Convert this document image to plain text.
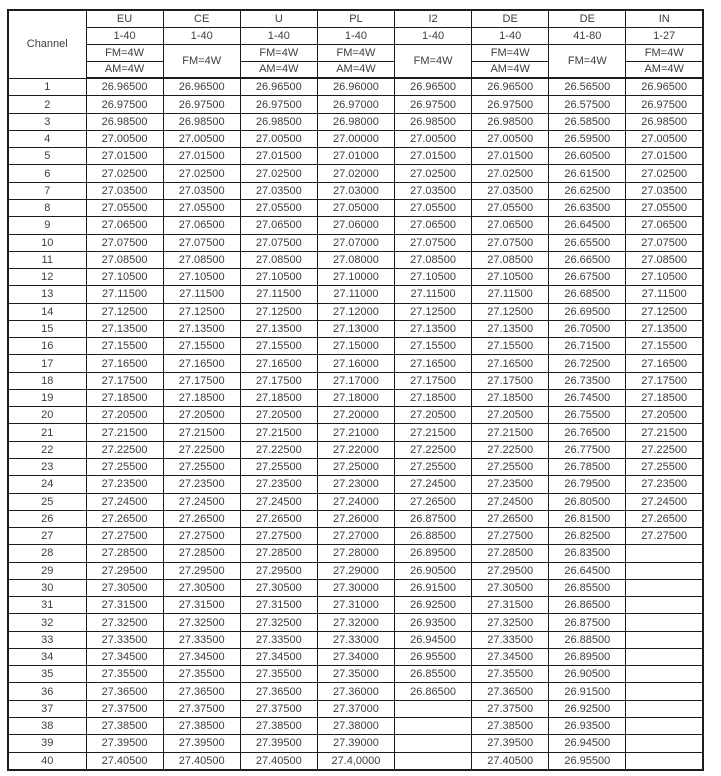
Channel	EU	CE	U	PL	I2	DE	DE	IN
	1-40	1-40	1-40	1-40	1-40	1-40	41-80	1-27
	FM=4W	FM=4W	FM=4W	FM=4W	FM=4W	FM=4W	FM=4W	FM=4W
	AM=4W		AM=4W	AM=4W		AM=4W		AM=4W
1	26.96500	26.96500	26.96500	26.96000	26.96500	26.96500	26.56500	26.96500
2	26.97500	26.97500	26.97500	26.97000	26.97500	26.97500	26.57500	26.97500
3	26.98500	26.98500	26.98500	26.98000	26.98500	26.98500	26.58500	26.98500
4	27.00500	27.00500	27.00500	27.00000	27.00500	27.00500	26.59500	27.00500
5	27.01500	27.01500	27.01500	27.01000	27.01500	27.01500	26.60500	27.01500
6	27.02500	27.02500	27.02500	27.02000	27.02500	27.02500	26.61500	27.02500
7	27.03500	27.03500	27.03500	27.03000	27.03500	27.03500	26.62500	27.03500
8	27.05500	27.05500	27.05500	27.05000	27.05500	27.05500	26.63500	27.05500
9	27.06500	27.06500	27.06500	27.06000	27.06500	27.06500	26.64500	27.06500
10	27.07500	27.07500	27.07500	27.07000	27.07500	27.07500	26.65500	27.07500
11	27.08500	27.08500	27.08500	27.08000	27.08500	27.08500	26.66500	27.08500
12	27.10500	27.10500	27.10500	27.10000	27.10500	27.10500	26.67500	27.10500
13	27.11500	27.11500	27.11500	27.11000	27.11500	27.11500	26.68500	27.11500
14	27.12500	27.12500	27.12500	27.12000	27.12500	27.12500	26.69500	27.12500
15	27.13500	27.13500	27.13500	27.13000	27.13500	27.13500	26.70500	27.13500
16	27.15500	27.15500	27.15500	27.15000	27.15500	27.15500	26.71500	27.15500
17	27.16500	27.16500	27.16500	27.16000	27.16500	27.16500	26.72500	27.16500
18	27.17500	27.17500	27.17500	27.17000	27.17500	27.17500	26.73500	27.17500
19	27.18500	27.18500	27.18500	27.18000	27.18500	27.18500	26.74500	27.18500
20	27.20500	27.20500	27.20500	27.20000	27.20500	27.20500	26.75500	27.20500
21	27.21500	27.21500	27.21500	27.21000	27.21500	27.21500	26.76500	27.21500
22	27.22500	27.22500	27.22500	27.22000	27.22500	27.22500	26.77500	27.22500
23	27.25500	27.25500	27.25500	27.25000	27.25500	27.25500	26.78500	27.25500
24	27.23500	27.23500	27.23500	27.23000	27.24500	27.23500	26.79500	27.23500
25	27.24500	27.24500	27.24500	27.24000	27.26500	27.24500	26.80500	27.24500
26	27.26500	27.26500	27.26500	27.26000	26.87500	27.26500	26.81500	27.26500
27	27.27500	27.27500	27.27500	27.27000	26.88500	27.27500	26.82500	27.27500
28	27.28500	27.28500	27.28500	27.28000	26.89500	27.28500	26.83500	
29	27.29500	27.29500	27.29500	27.29000	26.90500	27.29500	26.64500	
30	27.30500	27.30500	27.30500	27.30000	26.91500	27.30500	26.85500	
31	27.31500	27.31500	27.31500	27.31000	26.92500	27.31500	26.86500	
32	27.32500	27.32500	27.32500	27.32000	26.93500	27.32500	26.87500	
33	27.33500	27.33500	27.33500	27.33000	26.94500	27.33500	26.88500	
34	27.34500	27.34500	27.34500	27.34000	26.95500	27.34500	26.89500	
35	27.35500	27.35500	27.35500	27.35000	26.85500	27.35500	26.90500	
36	27.36500	27.36500	27.36500	27.36000	26.86500	27.36500	26.91500	
37	27.37500	27.37500	27.37500	27.37000		27.37500	26.92500	
38	27.38500	27.38500	27.38500	27.38000		27.38500	26.93500	
39	27.39500	27.39500	27.39500	27.39000		27.39500	26.94500	
40	27.40500	27.40500	27.40500	27.4,0000		27.40500	26.95500	
